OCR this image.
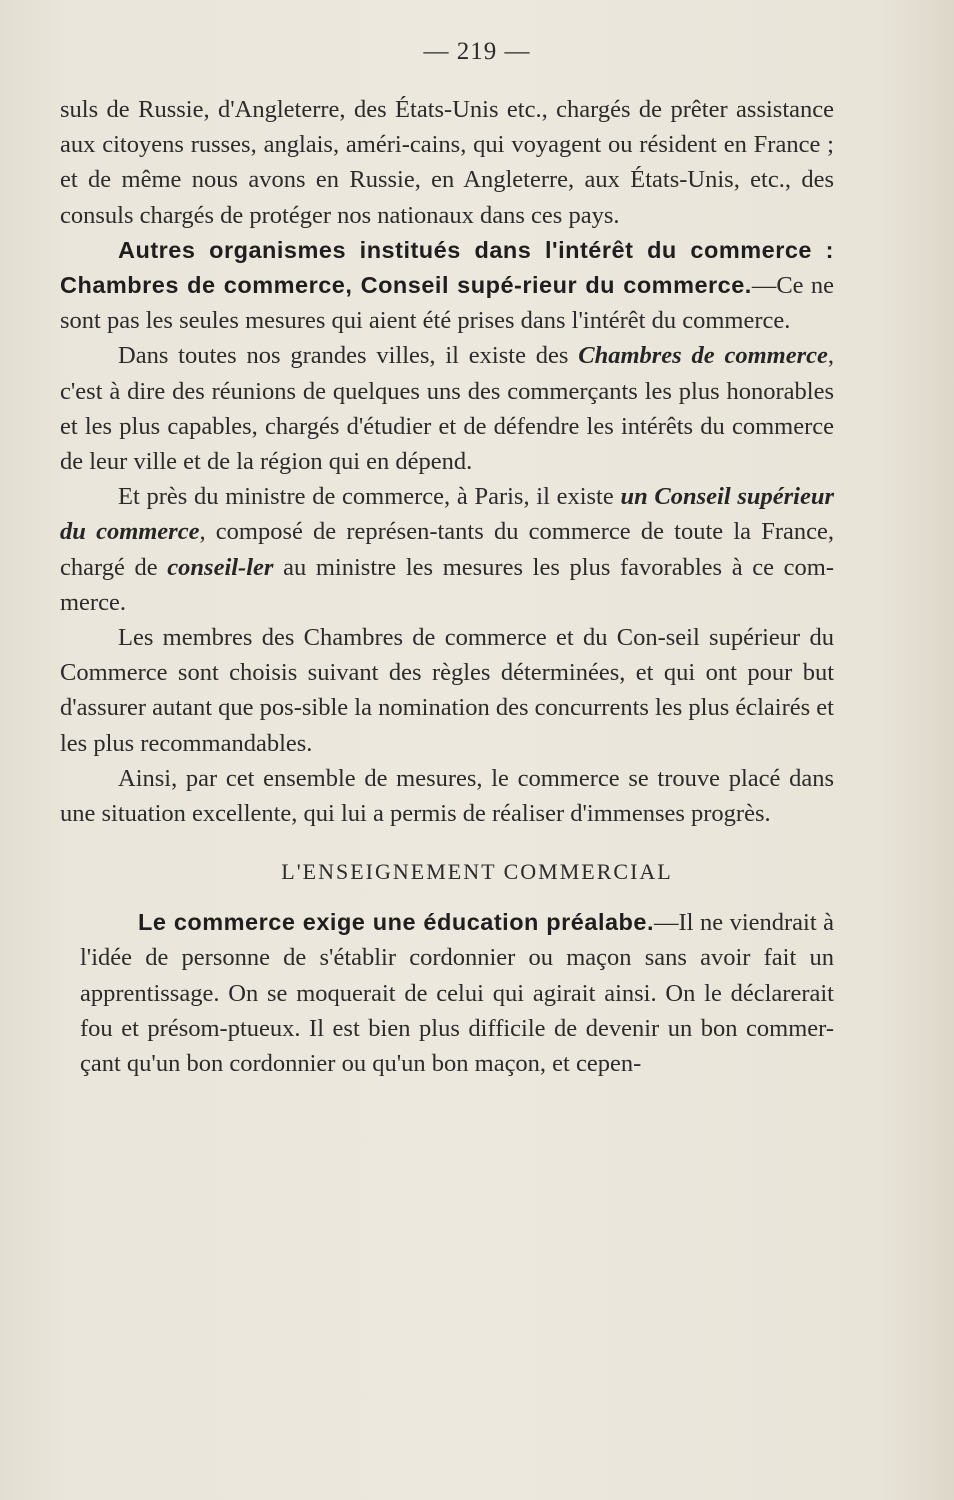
— 219 —

suls de Russie, d'Angleterre, des États-Unis etc., chargés de prêter assistance aux citoyens russes, anglais, améri-cains, qui voyagent ou résident en France ; et de même nous avons en Russie, en Angleterre, aux États-Unis, etc., des consuls chargés de protéger nos nationaux dans ces pays.

Autres organismes institués dans l'intérêt du commerce : Chambres de commerce, Conseil supé-rieur du commerce.—Ce ne sont pas les seules mesures qui aient été prises dans l'intérêt du commerce.

Dans toutes nos grandes villes, il existe des Chambres de commerce, c'est à dire des réunions de quelques uns des commerçants les plus honorables et les plus capables, chargés d'étudier et de défendre les intérêts du commerce de leur ville et de la région qui en dépend.

Et près du ministre de commerce, à Paris, il existe un Conseil supérieur du commerce, composé de représen-tants du commerce de toute la France, chargé de conseil-ler au ministre les mesures les plus favorables à ce com-merce.

Les membres des Chambres de commerce et du Con-seil supérieur du Commerce sont choisis suivant des règles déterminées, et qui ont pour but d'assurer autant que pos-sible la nomination des concurrents les plus éclairés et les plus recommandables.

Ainsi, par cet ensemble de mesures, le commerce se trouve placé dans une situation excellente, qui lui a permis de réaliser d'immenses progrès.

L'ENSEIGNEMENT COMMERCIAL

Le commerce exige une éducation préalabe.—Il ne viendrait à l'idée de personne de s'établir cordonnier ou maçon sans avoir fait un apprentissage. On se moquerait de celui qui agirait ainsi. On le déclarerait fou et présom-ptueux. Il est bien plus difficile de devenir un bon commer-çant qu'un bon cordonnier ou qu'un bon maçon, et cepen-
